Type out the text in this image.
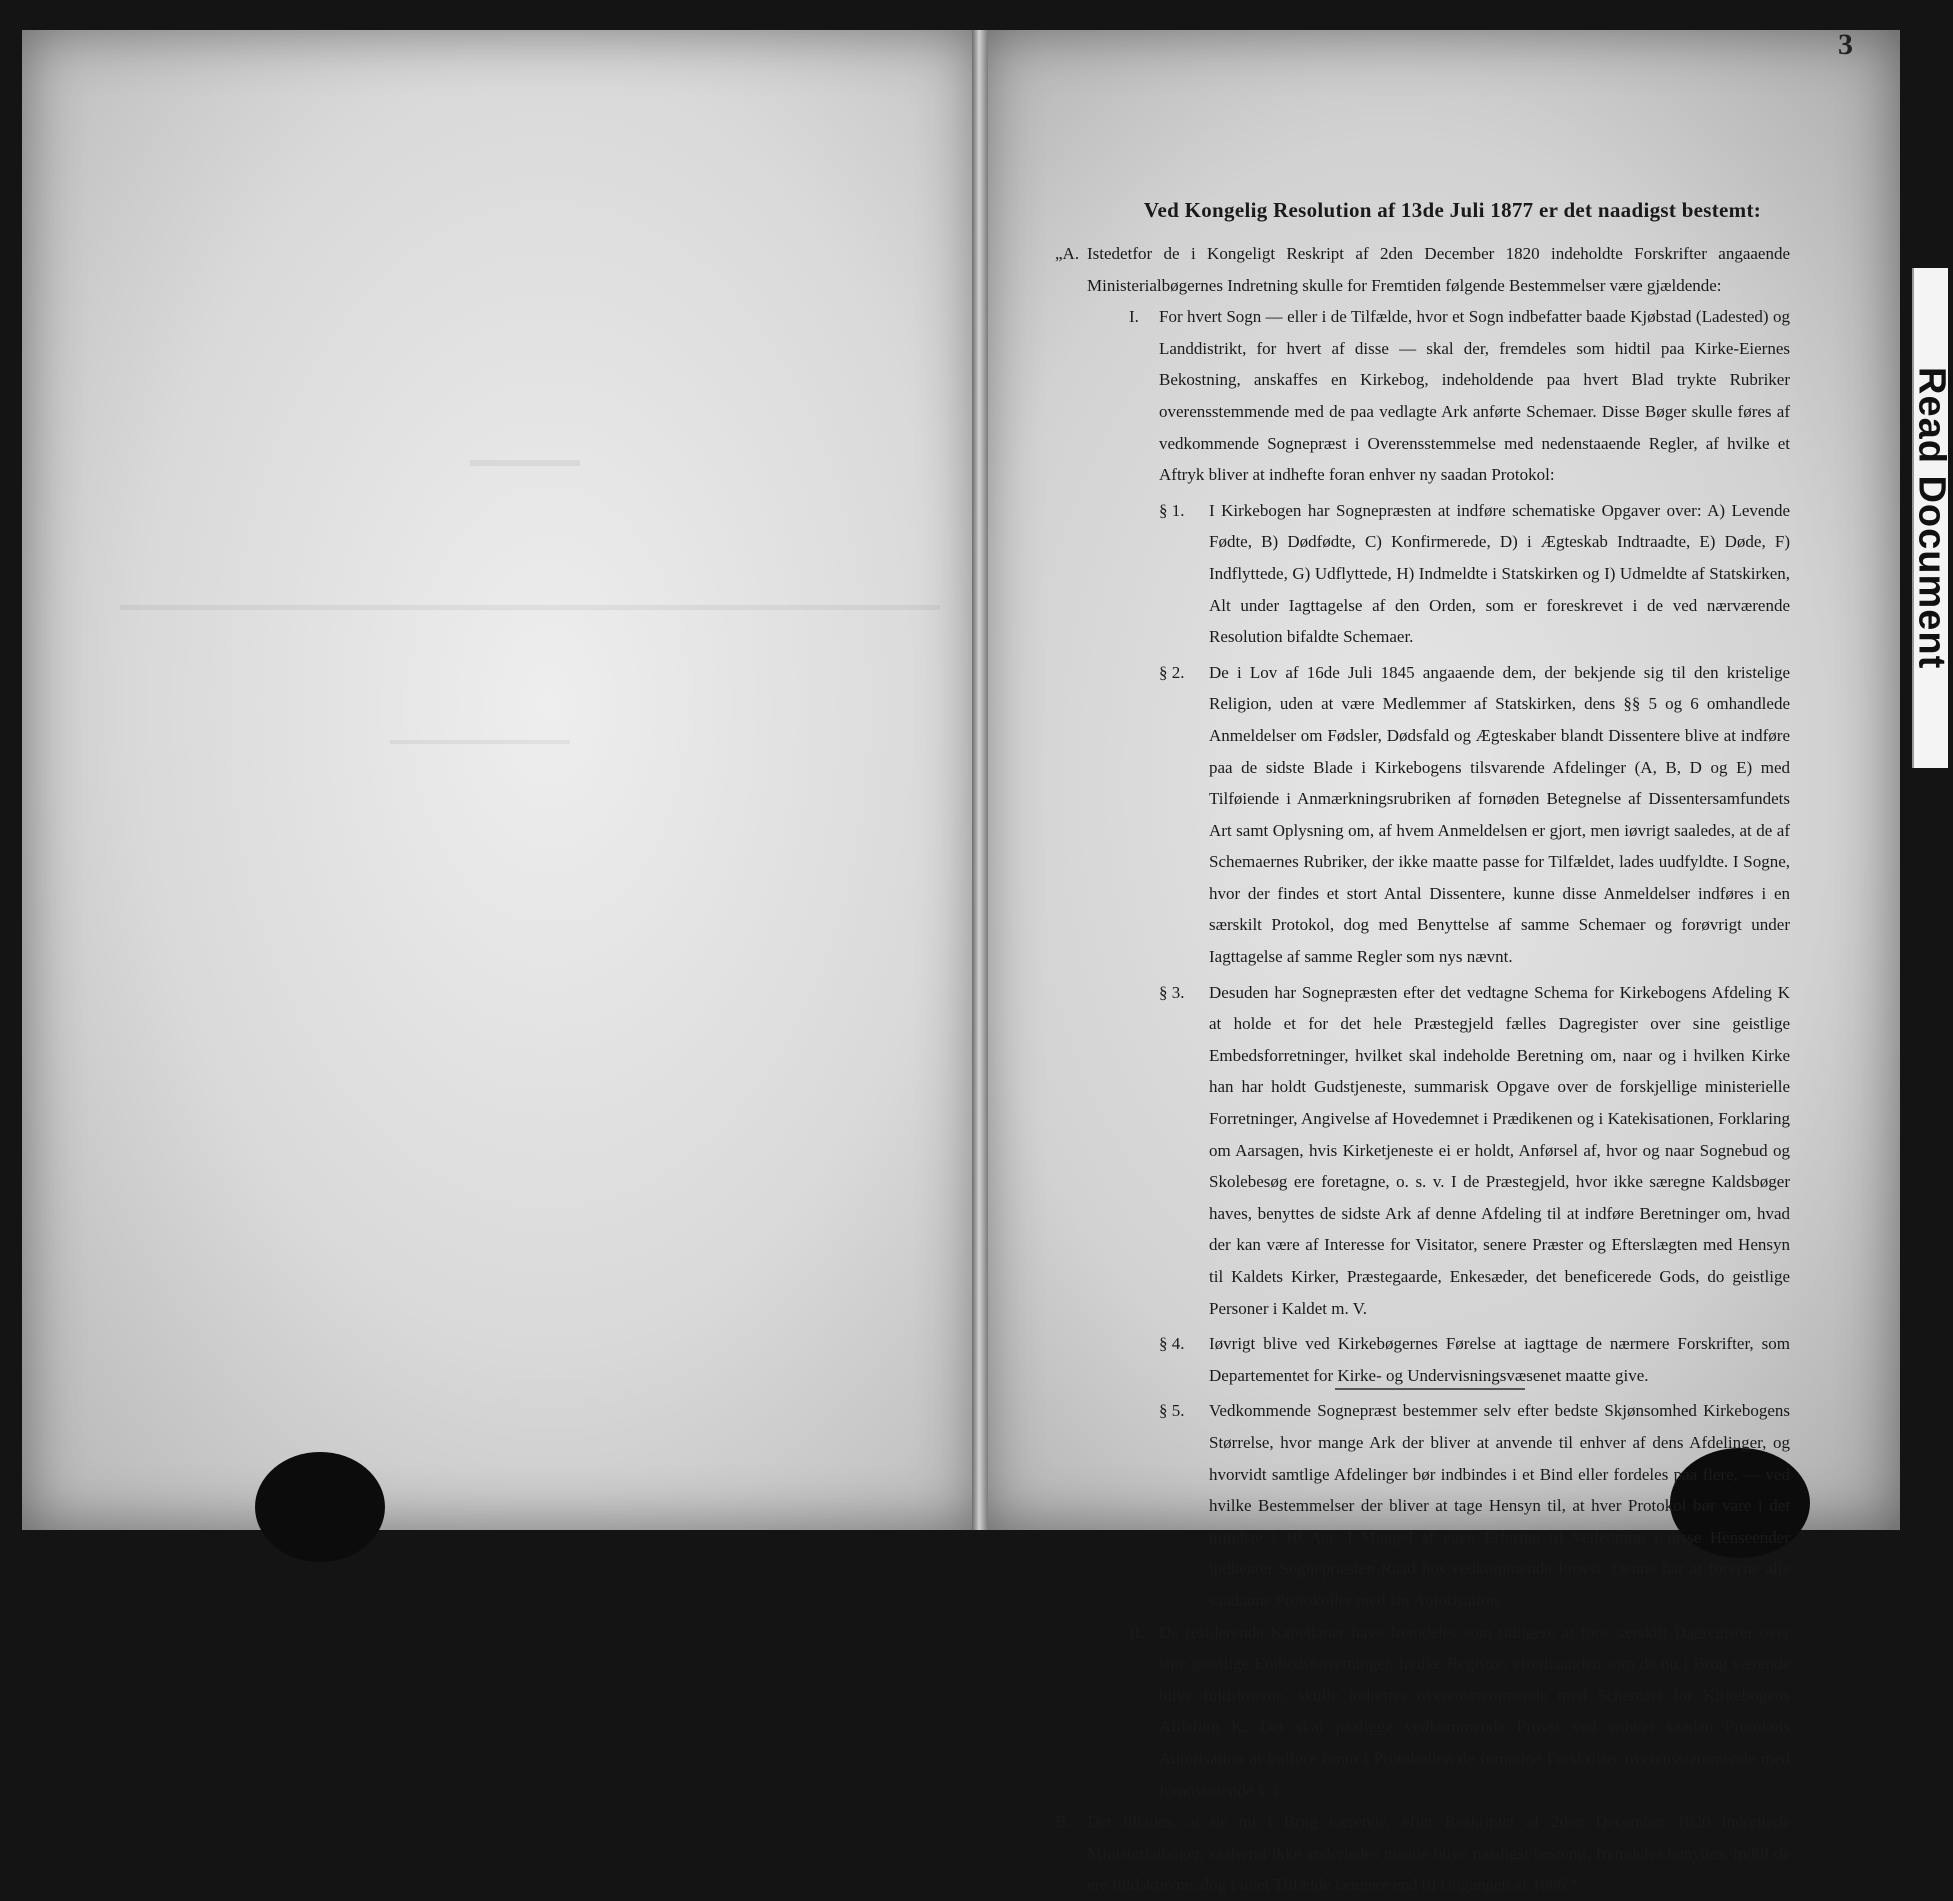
3
Read Document
Ved Kongelig Resolution af 13de Juli 1877 er det naadigst bestemt:
„A. Istedetfor de i Kongeligt Reskript af 2den December 1820 indeholdte Forskrifter angaaende Ministerialbøgernes Indretning skulle for Fremtiden følgende Bestemmelser være gjældende:
I.	For hvert Sogn — eller i de Tilfælde, hvor et Sogn indbefatter baade Kjøbstad (Ladested) og Landdistrikt, for hvert af disse — skal der, fremdeles som hidtil paa Kirke-Eiernes Bekostning, anskaffes en Kirkebog, indeholdende paa hvert Blad trykte Rubriker overensstemmende med de paa vedlagte Ark anførte Schemaer. Disse Bøger skulle føres af vedkommende Sognepræst i Overensstemmelse med nedenstaaende Regler, af hvilke et Aftryk bliver at indhefte foran enhver ny saadan Protokol:
§ 1.	I Kirkebogen har Sognepræsten at indføre schematiske Opgaver over: A) Levende Fødte, B) Dødfødte, C) Konfirmerede, D) i Ægteskab Indtraadte, E) Døde, F) Indflyttede, G) Udflyttede, H) Indmeldte i Statskirken og I) Udmeldte af Statskirken, Alt under Iagttagelse af den Orden, som er foreskrevet i de ved nærværende Resolution bifaldte Schemaer.
§ 2.	De i Lov af 16de Juli 1845 angaaende dem, der bekjende sig til den kristelige Religion, uden at være Medlemmer af Statskirken, dens §§ 5 og 6 omhandlede Anmeldelser om Fødsler, Dødsfald og Ægteskaber blandt Dissentere blive at indføre paa de sidste Blade i Kirkebogens tilsvarende Afdelinger (A, B, D og E) med Tilføiende i Anmærkningsrubriken af fornøden Betegnelse af Dissentersamfundets Art samt Oplysning om, af hvem Anmeldelsen er gjort, men iøvrigt saaledes, at de af Schemaernes Rubriker, der ikke maatte passe for Tilfældet, lades uudfyldte. I Sogne, hvor der findes et stort Antal Dissentere, kunne disse Anmeldelser indføres i en særskilt Protokol, dog med Benyttelse af samme Schemaer og forøvrigt under Iagttagelse af samme Regler som nys nævnt.
§ 3.	Desuden har Sognepræsten efter det vedtagne Schema for Kirkebogens Afdeling K at holde et for det hele Præstegjeld fælles Dagregister over sine geistlige Embedsforretninger, hvilket skal indeholde Beretning om, naar og i hvilken Kirke han har holdt Gudstjeneste, summarisk Opgave over de forskjellige ministerielle Forretninger, Angivelse af Hovedemnet i Prædikenen og i Katekisationen, Forklaring om Aarsagen, hvis Kirketjeneste ei er holdt, Anførsel af, hvor og naar Sognebud og Skolebesøg ere foretagne, o. s. v. I de Præstegjeld, hvor ikke særegne Kaldsbøger haves, benyttes de sidste Ark af denne Afdeling til at indføre Beretninger om, hvad der kan være af Interesse for Visitator, senere Præster og Efterslægten med Hensyn til Kaldets Kirker, Præstegaarde, Enkesæder, det beneficerede Gods, do geistlige Personer i Kaldet m. V.
§ 4.	Iøvrigt blive ved Kirkebøgernes Førelse at iagttage de nærmere Forskrifter, som Departementet for Kirke- og Undervisningsvæsenet maatte give.
§ 5.	Vedkommende Sognepræst bestemmer selv efter bedste Skjønsomhed Kirkebogens Størrelse, hvor mange Ark der bliver at anvende til enhver af dens Afdelinger, og hvorvidt samtlige Afdelinger bør indbindes i et Bind eller fordeles paa flere, — ved hvilke Bestemmelser der bliver at tage Hensyn til, at hver Protokol bør vare i det mindste i 10 Aar. I Mangel af egen Erfaring til Veiledning i disse Henseender indhenter Sognepræsten Raad hos vedkommende Provst. Denne har at forsyne alle saadanne Protokoller med sin Autorisation.
II. De residerende Kapellaner have fremdeles som tidligere at føre særskilt Dagregister over sine geistlige Embedsforretninger, hvilke Registre, efterhaanden som de nu i Brug værende blive fuldskrevne, skulle indrettes overensstemmende med Schemaet for Kirkebogens Afdeling K. Det skal paaligge vedkommende Provst ved enhver saadan Protokols Autorisation at indføre foran i Protokollen de fornødne Forskrifter overensstemmende med foranstaaende § 3.
B. Det tillades, at de nu i Brug værende, efter Reskriptet af 2den December 1820 indrettede Ministerialbøger, saafremt ikke anderledes maatte blive naadigst bestemt, fremdeles benyttes, indtil de ere fuldskrevne, dog i intet Tilfælde længere end til Udgangen af 1886.“
